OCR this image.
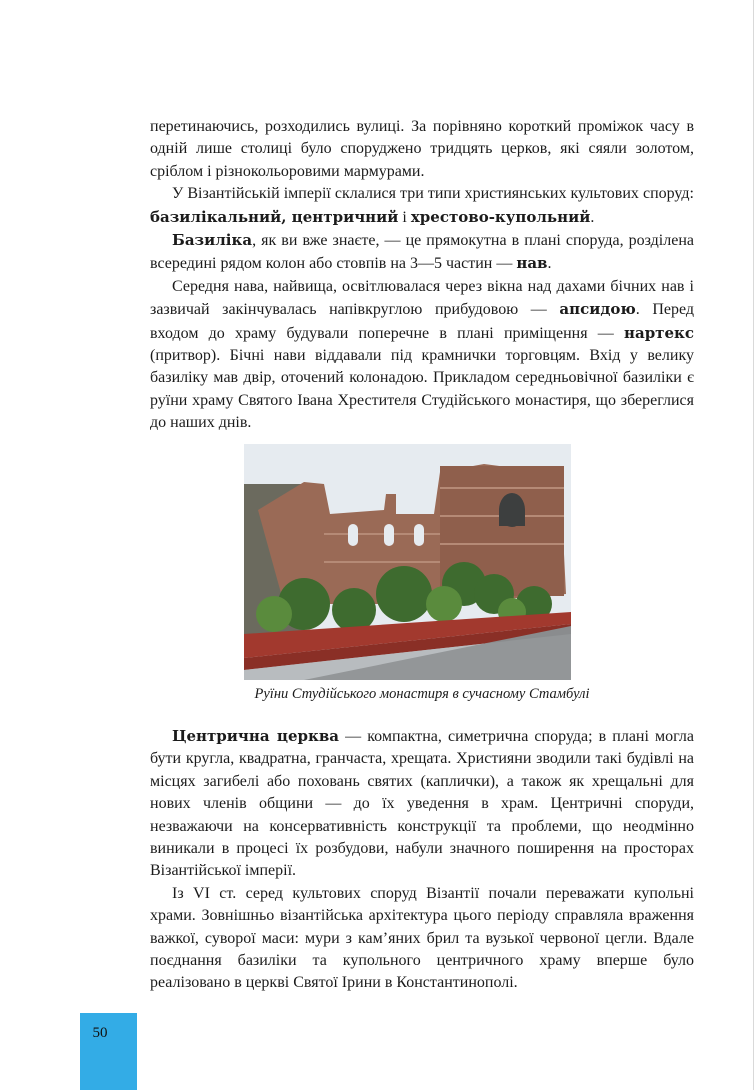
перетинаючись, розходились вулиці. За порівняно короткий проміжок часу в одній лише столиці було споруджено тридцять церков, які сяяли золотом, сріблом і різнокольоровими мармурами.

У Візантійській імперії склалися три типи християнських культових споруд: базилікальний, центричний і хрестово-купольний.

Базиліка, як ви вже знаєте, — це прямокутна в плані споруда, розділена всередині рядом колон або стовпів на 3—5 частин — нав.

Середня нава, найвища, освітлювалася через вікна над дахами бічних нав і зазвичай закінчувалась напівкруглою прибудовою — апсидою. Перед входом до храму будували поперечне в плані приміщення — нартекс (притвор). Бічні нави віддавали під крамнички торговцям. Вхід у велику базиліку мав двір, оточений колонадою. Прикладом середньовічної базиліки є руїни храму Святого Івана Хрестителя Студійського монастиря, що збереглися до наших днів.

Руїни Студійського монастиря в сучасному Стамбулі

Центрична церква — компактна, симетрична споруда; в плані могла бути кругла, квадратна, гранчаста, хрещата. Християни зводили такі будівлі на місцях загибелі або поховань святих (каплички), а також як хрещальні для нових членів общини — до їх уведення в храм. Центричні споруди, незважаючи на консервативність конструкції та проблеми, що неодмінно виникали в процесі їх розбудови, набули значного поширення на просторах Візантійської імперії.

Із VI ст. серед культових споруд Візантії почали переважати купольні храми. Зовнішньо візантійська архітектура цього періоду справляла враження важкої, суворої маси: мури з кам’яних брил та вузької червоної цегли. Вдале поєднання базиліки та купольного центричного храму вперше було реалізовано в церкві Святої Ірини в Константинополі.

50
